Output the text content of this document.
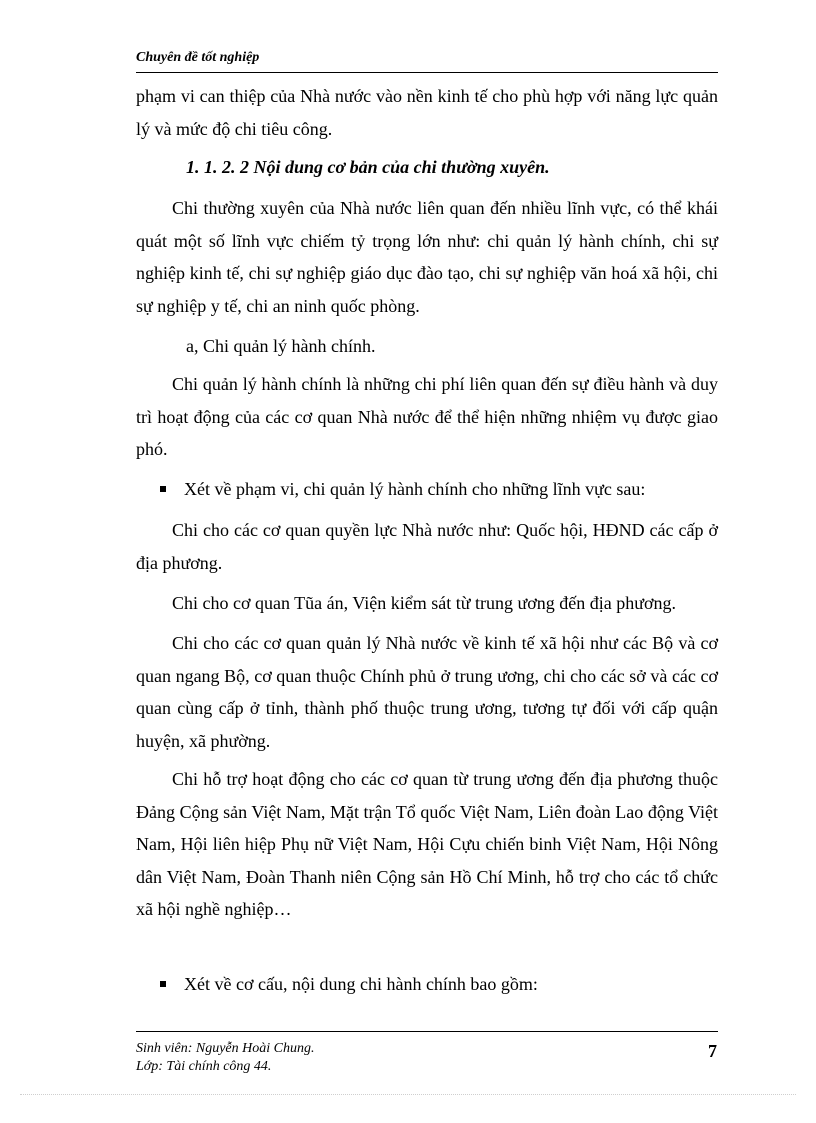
Chuyên đề tốt nghiệp

phạm vi can thiệp của Nhà nước vào nền kinh tế cho phù hợp với năng lực quản lý và mức độ chi tiêu công.

1. 1. 2. 2 Nội dung cơ bản của chi thường xuyên.

Chi thường xuyên của Nhà nước liên quan đến nhiều lĩnh vực, có thể khái quát một số lĩnh vực chiếm tỷ trọng lớn như: chi quản lý hành chính, chi sự nghiệp kinh tế, chi sự nghiệp giáo dục đào tạo, chi sự nghiệp văn hoá xã hội, chi sự nghiệp y tế, chi an ninh quốc phòng.

a, Chi quản lý hành chính.

Chi quản lý hành chính là những chi phí liên quan đến sự điều hành và duy trì hoạt động của các cơ quan Nhà nước để thể hiện những nhiệm vụ được giao phó.

Xét về phạm vi, chi quản lý hành chính cho những lĩnh vực sau:

Chi cho các cơ quan quyền lực Nhà nước như: Quốc hội, HĐND các cấp ở địa phương.

Chi cho cơ quan Tũa án, Viện kiểm sát từ trung ương đến địa phương.

Chi cho các cơ quan quản lý Nhà nước về kinh tế xã hội như các Bộ và cơ quan ngang Bộ, cơ quan thuộc Chính phủ ở trung ương, chi cho các sở và các cơ quan cùng cấp ở tỉnh, thành phố thuộc trung ương, tương tự đối với cấp quận huyện, xã phường.

Chi hỗ trợ hoạt động cho các cơ quan từ trung ương đến địa phương thuộc Đảng Cộng sản Việt Nam, Mặt trận Tổ quốc Việt Nam, Liên đoàn Lao động Việt Nam, Hội liên hiệp Phụ nữ Việt Nam, Hội Cựu chiến binh Việt Nam, Hội Nông dân Việt Nam, Đoàn Thanh niên Cộng sản Hồ Chí Minh, hỗ trợ cho các tổ chức xã hội nghề nghiệp…

Xét về cơ cấu, nội dung chi hành chính bao gồm:
Sinh viên: Nguyễn Hoài Chung.
Lớp: Tài chính công 44.
7
